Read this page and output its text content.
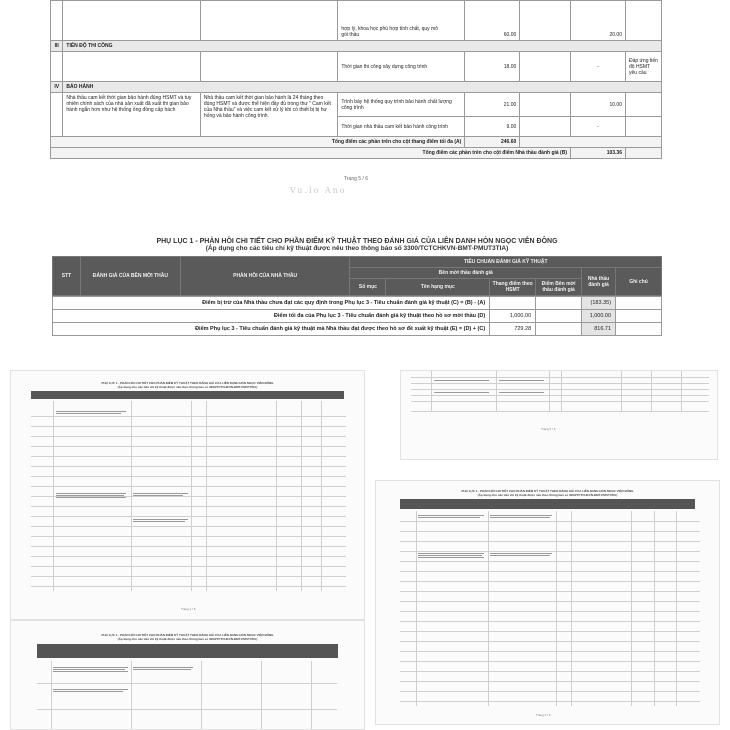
			hợp lý, khoa học phù hợp tính chất, quy mô
gói thầu	60.00		20.00	
III	TIẾN ĐỘ THI CÔNG						
			Thời gian thi công xây dựng công trình	18.00		-	Đáp ứng tiến độ HSMT yêu cầu
IV	BẢO HÀNH						
	Nhà thầu cam kết thời gian bảo hành đúng HSMT và tuy nhiên chính sách của nhà sản xuất đã xuất thi gian bảo hành ngắn hơn như hệ thống ống đồng cấp hách	Nhà thầu cam kết thời gian bảo hành là 24 tháng theo đúng HSMT và được thể hiện đầy đủ trong thư " Cam kết của Nhà thầu" và việc cam kết xử lý khi có thiết bị bị hư hỏng và bảo hành công trình.	Trình bày hệ thống quy trình bảo hành chất lượng công trình	21.00		10.00	
			Thời gian nhà thầu cam kết bảo hành công trình	9.00		-	
Tổng điểm các phần trên cho cột thang điểm tối đa (A)				246.60			
Tổng điểm các phần trên cho cột điểm Nhà thầu đánh giá (B)						103.36	
Trang 5 / 6
Vu.lo Ano
PHỤ LỤC 1 - PHẢN HỒI CHI TIẾT CHO PHẦN ĐIỂM KỸ THUẬT THEO ĐÁNH GIÁ CỦA LIÊN DANH HÒN NGỌC VIỄN ĐÔNG
(Áp dụng cho các tiêu chí kỹ thuật được nêu theo thông báo số 3300/TCTCHKVN-BMT-PMUT3TIA)
STT	ĐÁNH GIÁ CỦA BÊN MỜI THẦU	PHẢN HỒI CỦA NHÀ THẦU	TIÊU CHUẨN ĐÁNH GIÁ KỸ THUẬT					
			Bên mời thầu đánh giá				Nhà thầu đánh giá	Ghi chú
			Số mục	Tên hạng mục	Thang điểm theo HSMT	Điểm Bên mời thầu đánh giá		
Điểm bị trừ của Nhà thầu chưa đạt các quy định trong Phụ lục 3 - Tiêu chuẩn đánh giá kỹ thuật (C) = (B) - (A)			(183.35)	
Điểm tối đa của Phụ lục 3 - Tiêu chuẩn đánh giá kỹ thuật theo hồ sơ mời thầu (D)	1,000.00		1,000.00	
Điểm Phụ lục 3 - Tiêu chuẩn đánh giá kỹ thuật mà Nhà thầu đạt được theo hồ sơ đề xuất kỹ thuật (E) = (D) + (C)	729.28		816.71	
PHỤ LỤC 1 - PHẢN HỒI CHI TIẾT CHO PHẦN ĐIỂM KỸ THUẬT THEO ĐÁNH GIÁ CỦA LIÊN DANH HÒN NGỌC VIỄN ĐÔNG
(Áp dụng cho các tiêu chí kỹ thuật được nêu theo thông báo số 3300/TCTCHKVN-BMT-PMUT3TIA)
Trang 1 / 6
PHỤ LỤC 1 - PHẢN HỒI CHI TIẾT CHO PHẦN ĐIỂM KỸ THUẬT THEO ĐÁNH GIÁ CỦA LIÊN DANH HÒN NGỌC VIỄN ĐÔNG
(Áp dụng cho các tiêu chí kỹ thuật được nêu theo thông báo số 3300/TCTCHKVN-BMT-PMUT3TIA)
Trang 3 / 6
PHỤ LỤC 1 - PHẢN HỒI CHI TIẾT CHO PHẦN ĐIỂM KỸ THUẬT THEO ĐÁNH GIÁ CỦA LIÊN DANH HÒN NGỌC VIỄN ĐÔNG
(Áp dụng cho các tiêu chí kỹ thuật được nêu theo thông báo số 3300/TCTCHKVN-BMT-PMUT3TIA)
Trang 2 / 6
